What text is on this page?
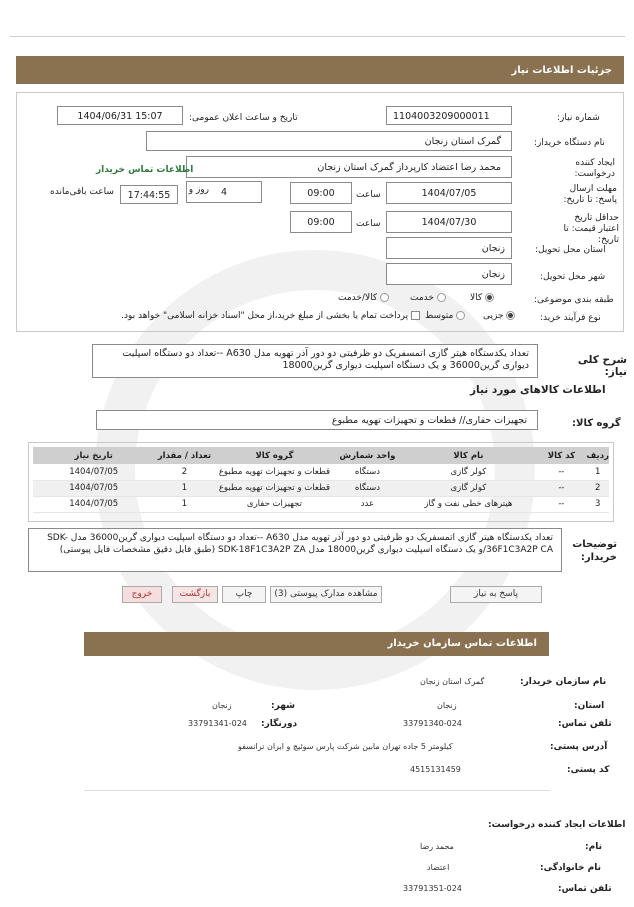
جزئیات اطلاعات نیاز
شماره نیاز:
1104003209000011
تاریخ و ساعت اعلان عمومی:
1404/06/31 15:07
نام دستگاه خریدار:
گمرک استان زنجان
ایجاد کننده درخواست:
محمد رضا اعتضاد کارپرداز گمرک استان زنجان
اطلاعات تماس خریدار
مهلت ارسال پاسخ: تا تاریخ:
1404/07/05
ساعت
09:00
4
روز و
17:44:55
ساعت باقی‌مانده
حداقل تاریخ اعتبار قیمت: تا تاریخ:
1404/07/30
ساعت
09:00
استان محل تحویل:
زنجان
شهر محل تحویل:
زنجان
طبقه بندی موضوعی:
کالا
خدمت
کالا/خدمت
نوع فرآیند خرید:
جزیی
متوسط
پرداخت تمام یا بخشی از مبلغ خرید،از محل "اسناد خزانه اسلامی" خواهد بود.
شرح کلی نیاز:
تعداد یکدستگاه هیتر گازی اتمسفریک دو ظرفیتی دو دور آذر تهویه مدل A630 --تعداد دو دستگاه اسپلیت دیواری گرین36000 و یک دستگاه اسپلیت دیواری گرین18000
اطلاعات کالاهای مورد نیاز
گروه کالا:
تجهیزات حفاری// قطعات و تجهیزات تهویه مطبوع
ردیف	کد کالا	نام کالا	واحد شمارش	گروه کالا	تعداد / مقدار	تاریخ نیاز
1	--	کولر گازی	دستگاه	قطعات و تجهیزات تهویه مطبوع	2	1404/07/05
2	--	کولر گازی	دستگاه	قطعات و تجهیزات تهویه مطبوع	1	1404/07/05
3	--	هیترهای خطی نفت و گاز	عدد	تجهیزات حفاری	1	1404/07/05
توضیحات خریدار:
تعداد یکدستگاه هیتر گازی اتمسفریک دو ظرفیتی دو دور آذر تهویه مدل A630 --تعداد دو دستگاه اسپلیت دیواری گرین36000 مدل SDK-36F1C3A2P CA/و یک دستگاه اسپلیت دیواری گرین18000 مدل SDK-18F1C3A2P ZA (طبق فایل دقیق مشخصات فایل پیوستی)
پاسخ به نیاز
مشاهده مدارک پیوستی (3)
چاپ
بازگشت
خروج
اطلاعات تماس سازمان خریدار
نام سازمان خریدار:
گمرک استان زنجان
استان:
زنجان
شهر:
زنجان
تلفن تماس:
33791340-024
دورنگار:
33791341-024
آدرس پستی:
کیلومتر 5 جاده تهران مابین شرکت پارس سوئیچ و ایران ترانسفو
کد پستی:
4515131459
اطلاعات ایجاد کننده درخواست:
نام:
محمد رضا
نام خانوادگی:
اعتضاد
تلفن تماس:
33791351-024
